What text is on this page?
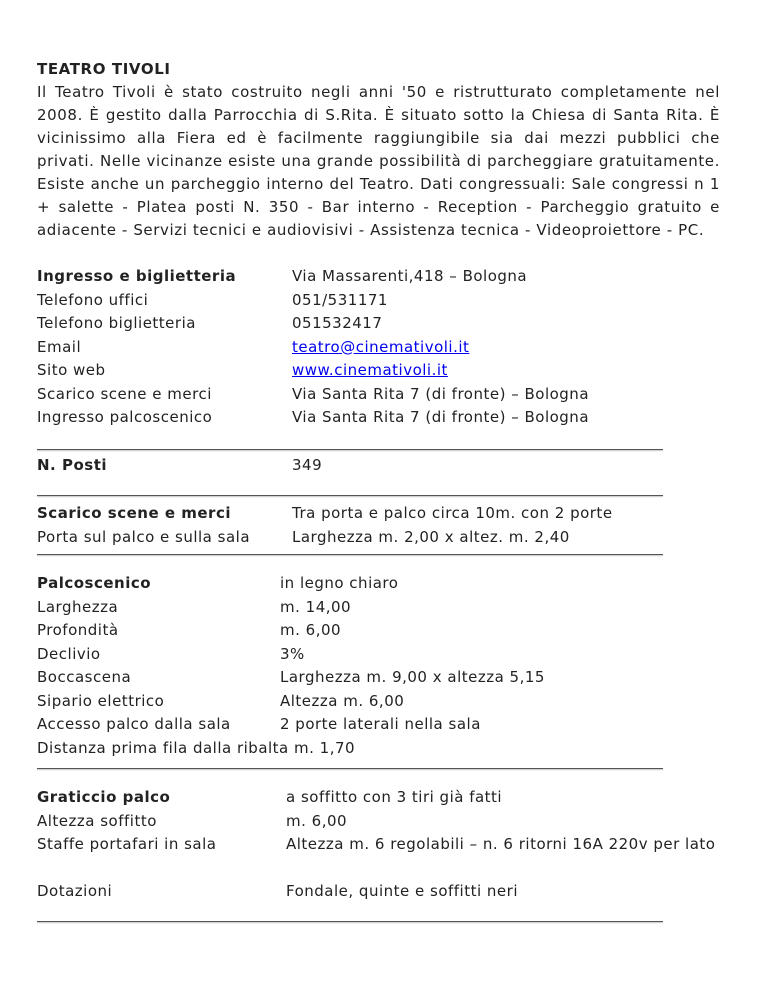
TEATRO TIVOLI

Il Teatro Tivoli è stato costruito negli anni '50 e ristrutturato completamente nel 2008. È gestito dalla Parrocchia di S.Rita. È situato sotto la Chiesa di Santa Rita. È vicinissimo alla Fiera ed è facilmente raggiungibile sia dai mezzi pubblici che privati. Nelle vicinanze esiste una grande possibilità di parcheggiare gratuitamente. Esiste anche un parcheggio interno del Teatro. Dati congressuali: Sale congressi n 1 + salette - Platea posti N. 350 - Bar interno - Reception - Parcheggio gratuito e adiacente - Servizi tecnici e audiovisivi - Assistenza tecnica - Videoproiettore - PC.

Ingresso e biglietteria	Via Massarenti,418 – Bologna
Telefono uffici	051/531171
Telefono biglietteria	051532417
Email	teatro@cinemativoli.it
Sito web	www.cinemativoli.it
Scarico scene e merci	Via Santa Rita 7 (di fronte) – Bologna
Ingresso palcoscenico	Via Santa Rita 7 (di fronte) – Bologna
N. Posti	349
Scarico scene e merci	Tra porta e palco circa 10m. con 2 porte
Porta sul palco e sulla sala	Larghezza m. 2,00 x altez. m. 2,40
Palcoscenico	in legno chiaro
Larghezza	m. 14,00
Profondità	m. 6,00
Declivio	3%
Boccascena	Larghezza m. 9,00 x altezza 5,15
Sipario elettrico	Altezza m. 6,00
Accesso palco dalla sala	2 porte laterali nella sala
Distanza prima fila dalla ribalta m. 1,70
Graticcio palco	a soffitto con 3 tiri già fatti
Altezza soffitto	m. 6,00
Staffe portafari in sala	Altezza m. 6 regolabili – n. 6 ritorni 16A 220v per lato
Dotazioni	Fondale, quinte e soffitti neri
